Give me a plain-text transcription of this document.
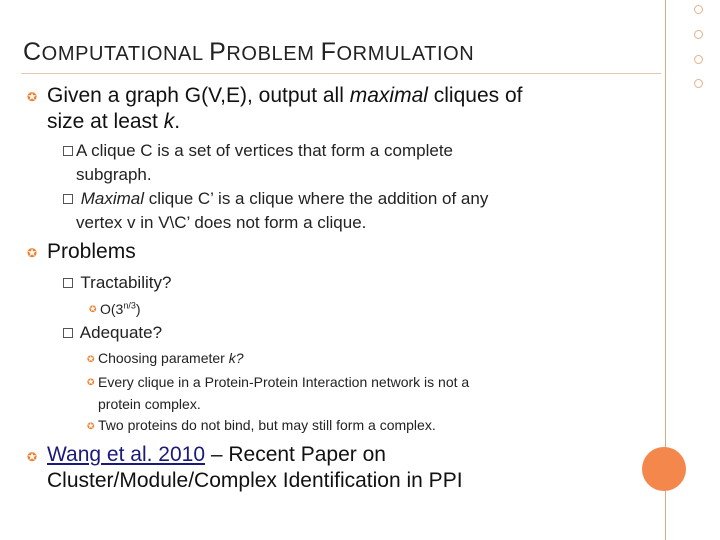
COMPUTATIONAL PROBLEM FORMULATION
✪ Given a graph G(V,E), output all maximal cliques of
size at least k.
A clique C is a set of vertices that form a complete
subgraph.
Maximal clique C’ is a clique where the addition of any
vertex v in V\C’ does not form a clique.
✪ Problems
Tractability?
✪ $O(3^{n/3})$
Adequate?
✪ Choosing parameter k?
✪ Every clique in a Protein-Protein Interaction network is not a
protein complex.
✪ Two proteins do not bind, but may still form a complex.
✪ Wang et al. 2010 – Recent Paper on
Cluster/Module/Complex Identification in PPI
